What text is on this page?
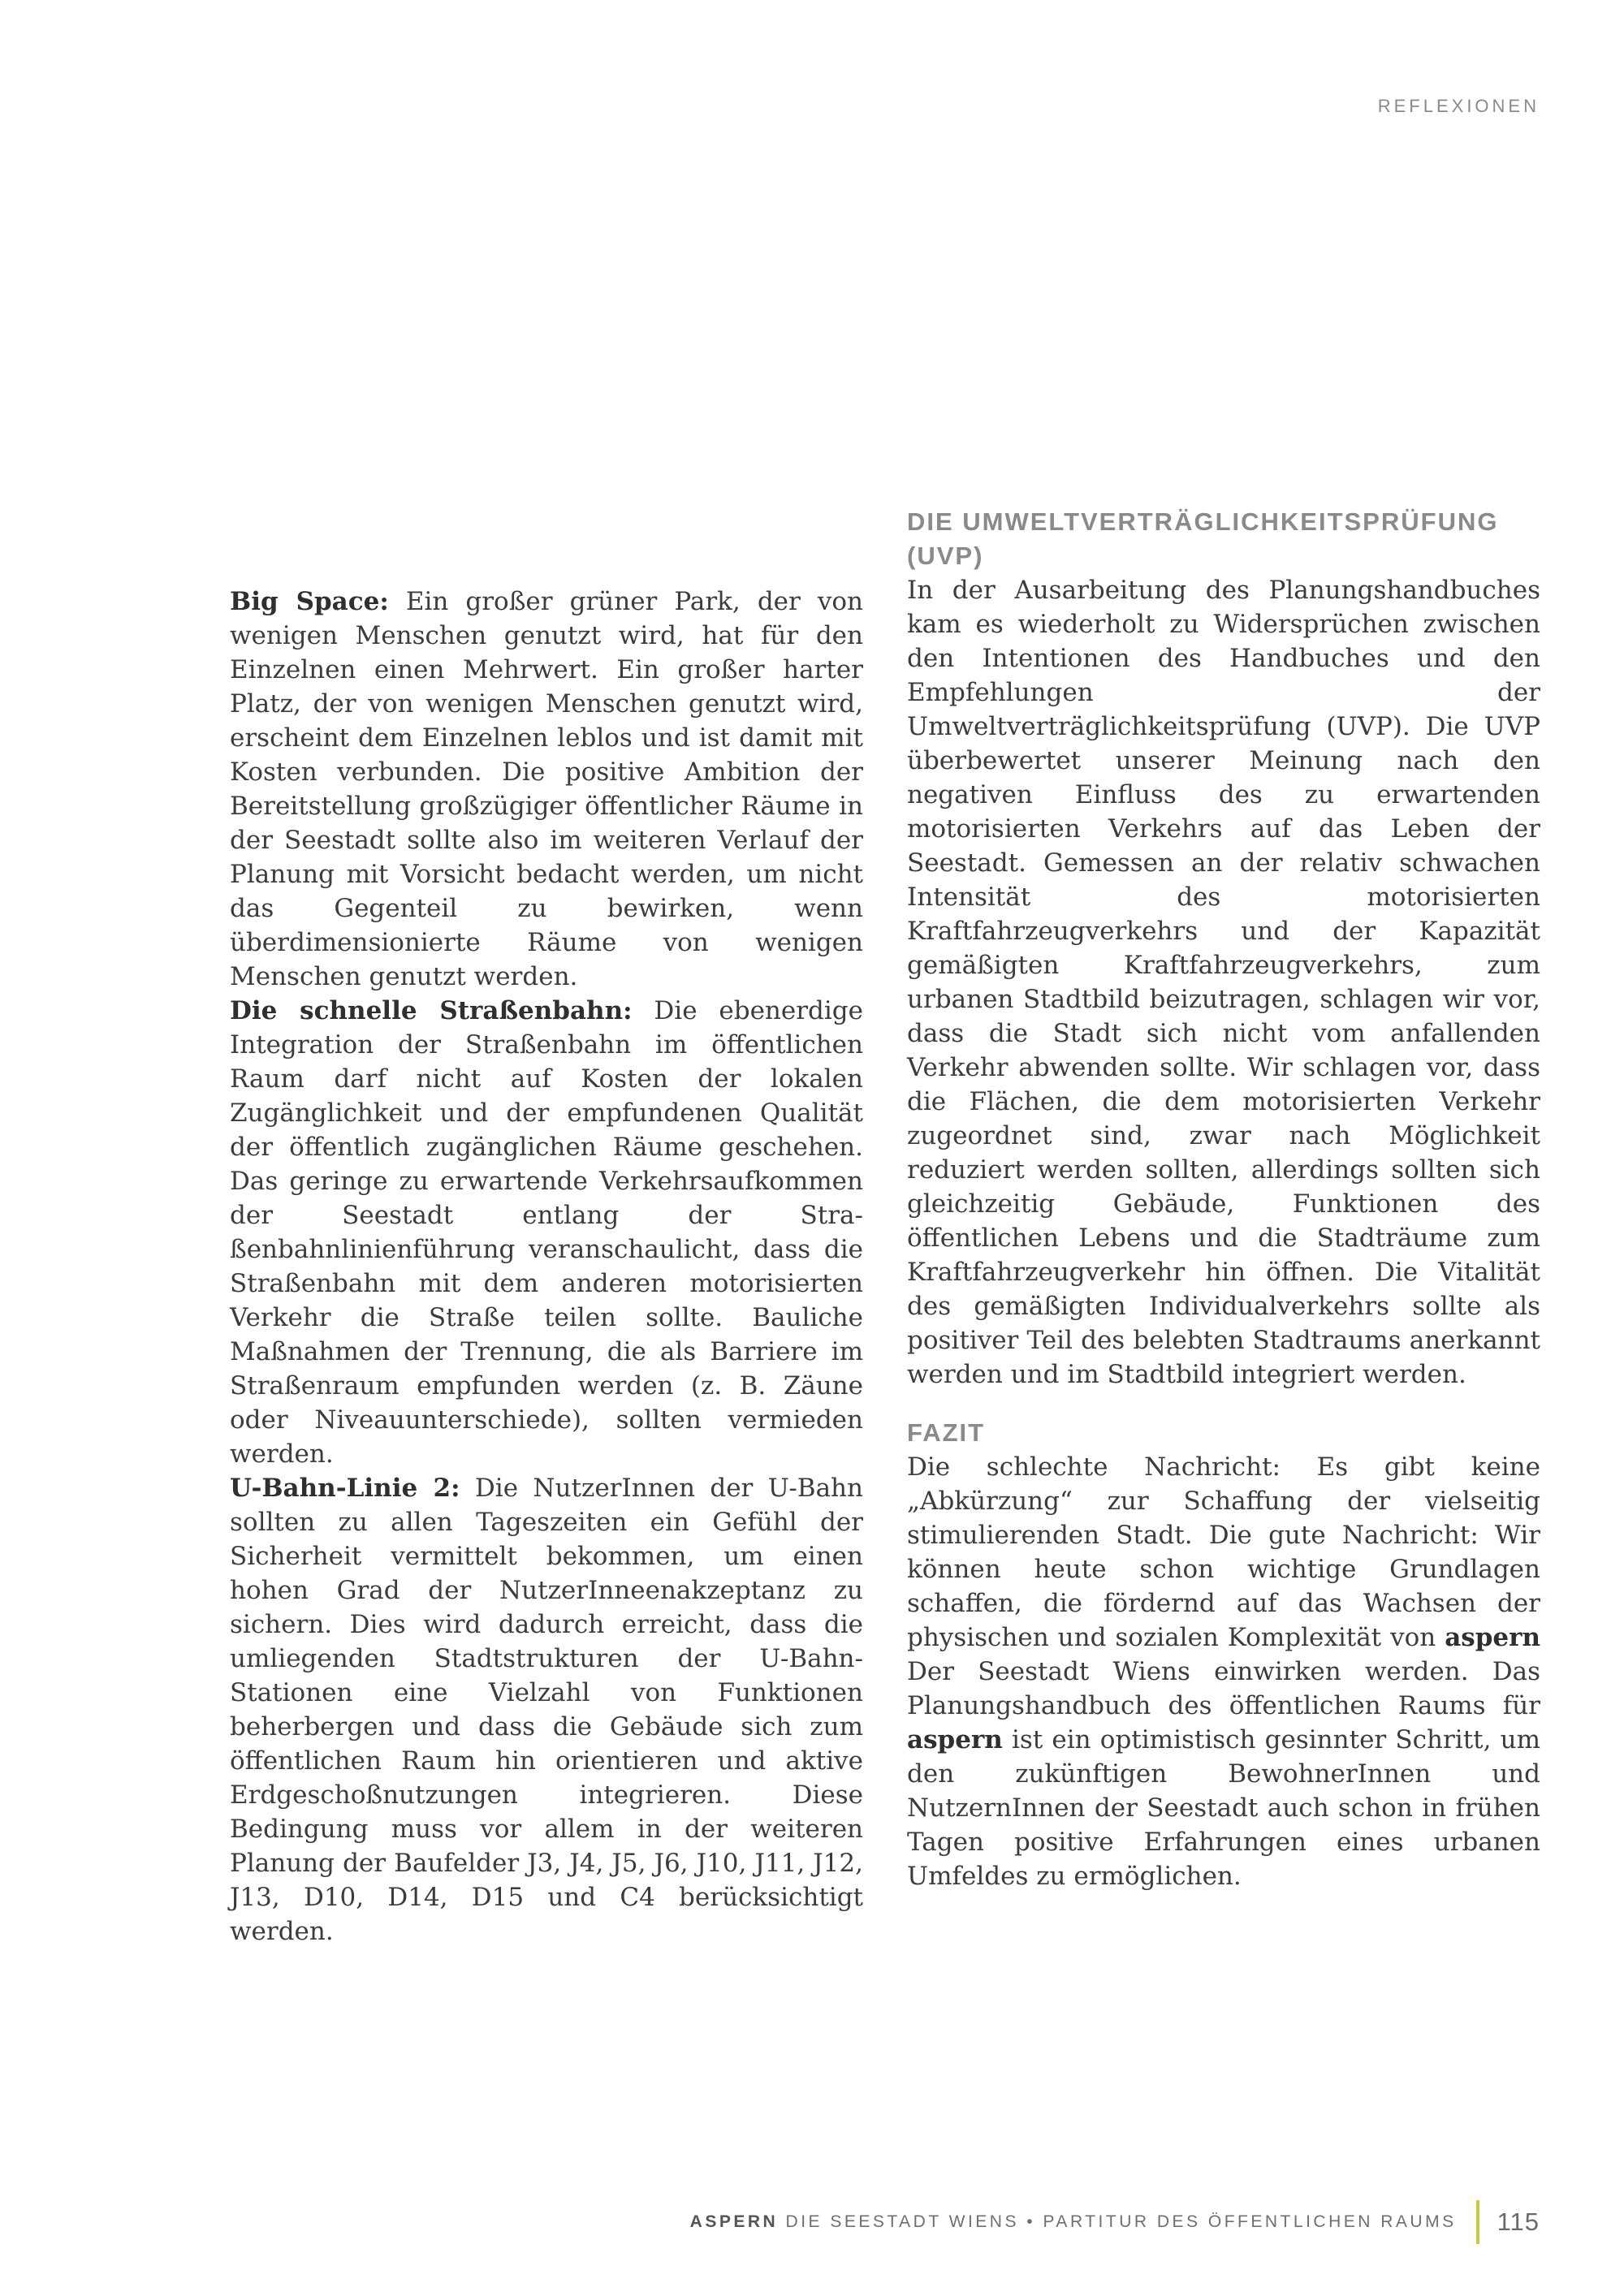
REFLEXIONEN

Big Space: Ein großer grüner Park, der von wenigen Menschen genutzt wird, hat für den Einzelnen einen Mehrwert. Ein großer harter Platz, der von wenigen Menschen genutzt wird, erscheint dem Einzelnen leblos und ist damit mit Kosten verbunden. Die positive Ambition der Bereitstellung großzügiger öffentlicher Räume in der Seestadt sollte also im weiteren Verlauf der Planung mit Vorsicht bedacht werden, um nicht das Gegenteil zu bewirken, wenn überdimensionierte Räume von wenigen Menschen genutzt werden.

Die schnelle Straßenbahn: Die ebenerdige Integration der Straßenbahn im öffentlichen Raum darf nicht auf Kosten der lokalen Zugänglichkeit und der empfundenen Qualität der öffentlich zugänglichen Räume geschehen. Das geringe zu erwartende Verkehrsaufkommen der Seestadt entlang der Straßenbahnlinienführung veranschaulicht, dass die Straßenbahn mit dem anderen motorisierten Verkehr die Straße teilen sollte. Bauliche Maßnahmen der Trennung, die als Barriere im Straßenraum empfunden werden (z. B. Zäune oder Niveauunterschiede), sollten vermieden werden.

U-Bahn-Linie 2: Die NutzerInnen der U-Bahn sollten zu allen Tageszeiten ein Gefühl der Sicherheit vermittelt bekommen, um einen hohen Grad der NutzerInneenakzeptanz zu sichern. Dies wird dadurch erreicht, dass die umliegenden Stadtstrukturen der U-Bahn-Stationen eine Vielzahl von Funktionen beherbergen und dass die Gebäude sich zum öffentlichen Raum hin orientieren und aktive Erdgeschoßnutzungen integrieren. Diese Bedingung muss vor allem in der weiteren Planung der Baufelder J3, J4, J5, J6, J10, J11, J12, J13, D10, D14, D15 und C4 berücksichtigt werden.

DIE UMWELTVERTRÄGLICHKEITSPRÜFUNG (UVP)

In der Ausarbeitung des Planungshandbuches kam es wiederholt zu Widersprüchen zwischen den Intentionen des Handbuches und den Empfehlungen der Umweltverträglichkeitsprüfung (UVP). Die UVP überbewertet unserer Meinung nach den negativen Einfluss des zu erwartenden motorisierten Verkehrs auf das Leben der Seestadt. Gemessen an der relativ schwachen Intensität des motorisierten Kraftfahrzeugverkehrs und der Kapazität gemäßigten Kraftfahrzeugverkehrs, zum urbanen Stadtbild beizutragen, schlagen wir vor, dass die Stadt sich nicht vom anfallenden Verkehr abwenden sollte. Wir schlagen vor, dass die Flächen, die dem motorisierten Verkehr zugeordnet sind, zwar nach Möglichkeit reduziert werden sollten, allerdings sollten sich gleichzeitig Gebäude, Funktionen des öffentlichen Lebens und die Stadträume zum Kraftfahrzeugverkehr hin öffnen. Die Vitalität des gemäßigten Individualverkehrs sollte als positiver Teil des belebten Stadtraums anerkannt werden und im Stadtbild integriert werden.

FAZIT

Die schlechte Nachricht: Es gibt keine „Abkürzung“ zur Schaffung der vielseitig stimulierenden Stadt. Die gute Nachricht: Wir können heute schon wichtige Grundlagen schaffen, die fördernd auf das Wachsen der physischen und sozialen Komplexität von aspern Der Seestadt Wiens einwirken werden. Das Planungshandbuch des öffentlichen Raums für aspern ist ein optimistisch gesinnter Schritt, um den zukünftigen BewohnerInnen und NutzernInnen der Seestadt auch schon in frühen Tagen positive Erfahrungen eines urbanen Umfeldes zu ermöglichen.

ASPERN DIE SEESTADT WIENS • PARTITUR DES ÖFFENTLICHEN RAUMS 115
